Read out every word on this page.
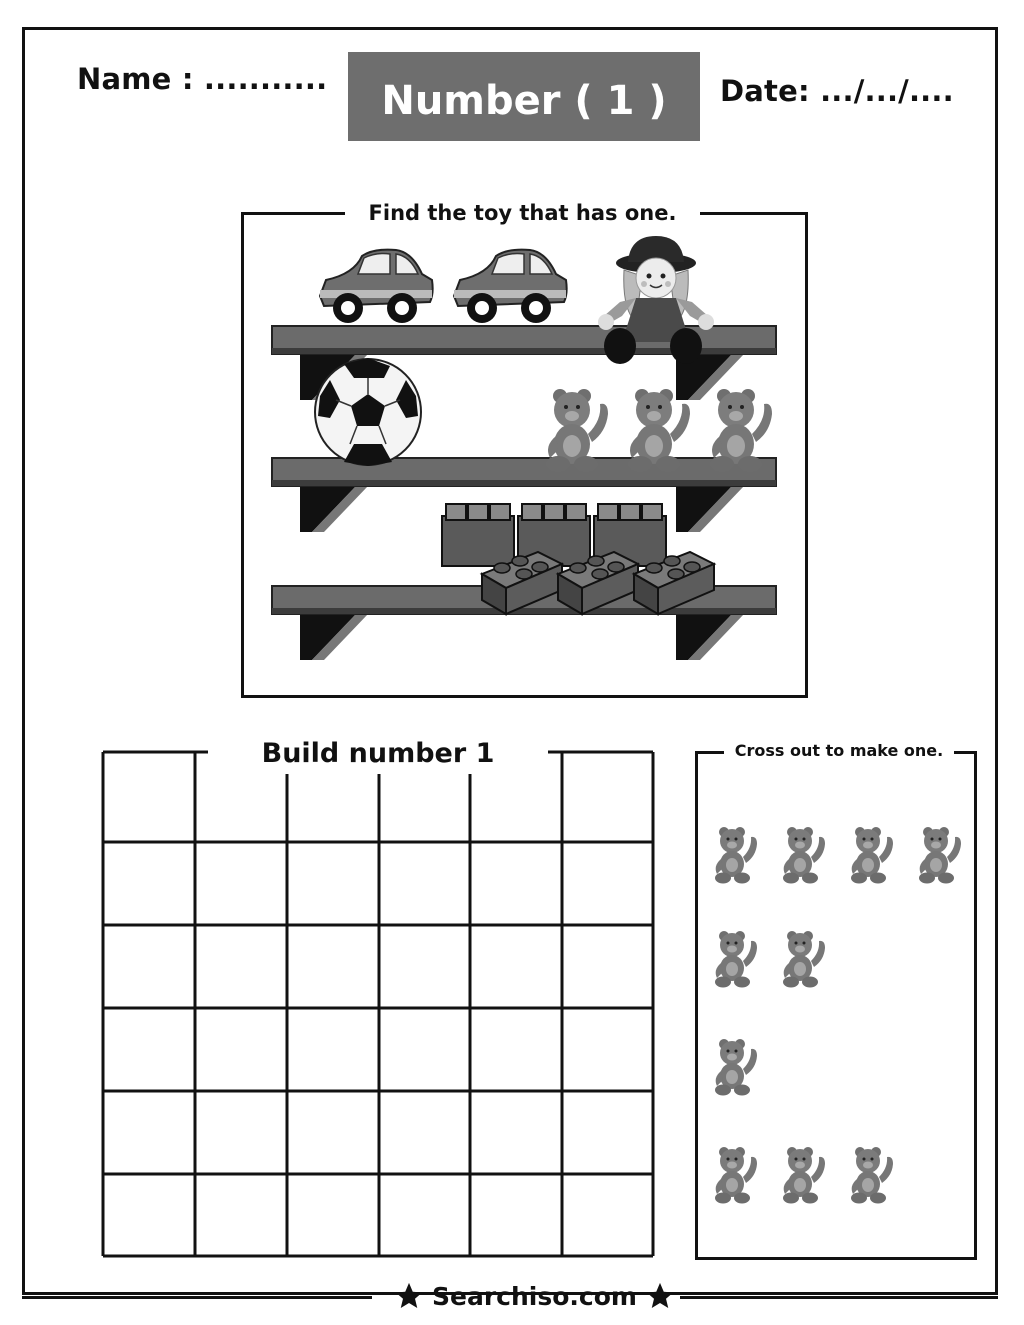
Name : ...........	Number ( 1 )	Date: .../.../....
Find the toy that has one.
Build number 1	Cross out to make one.
Searchiso.com
